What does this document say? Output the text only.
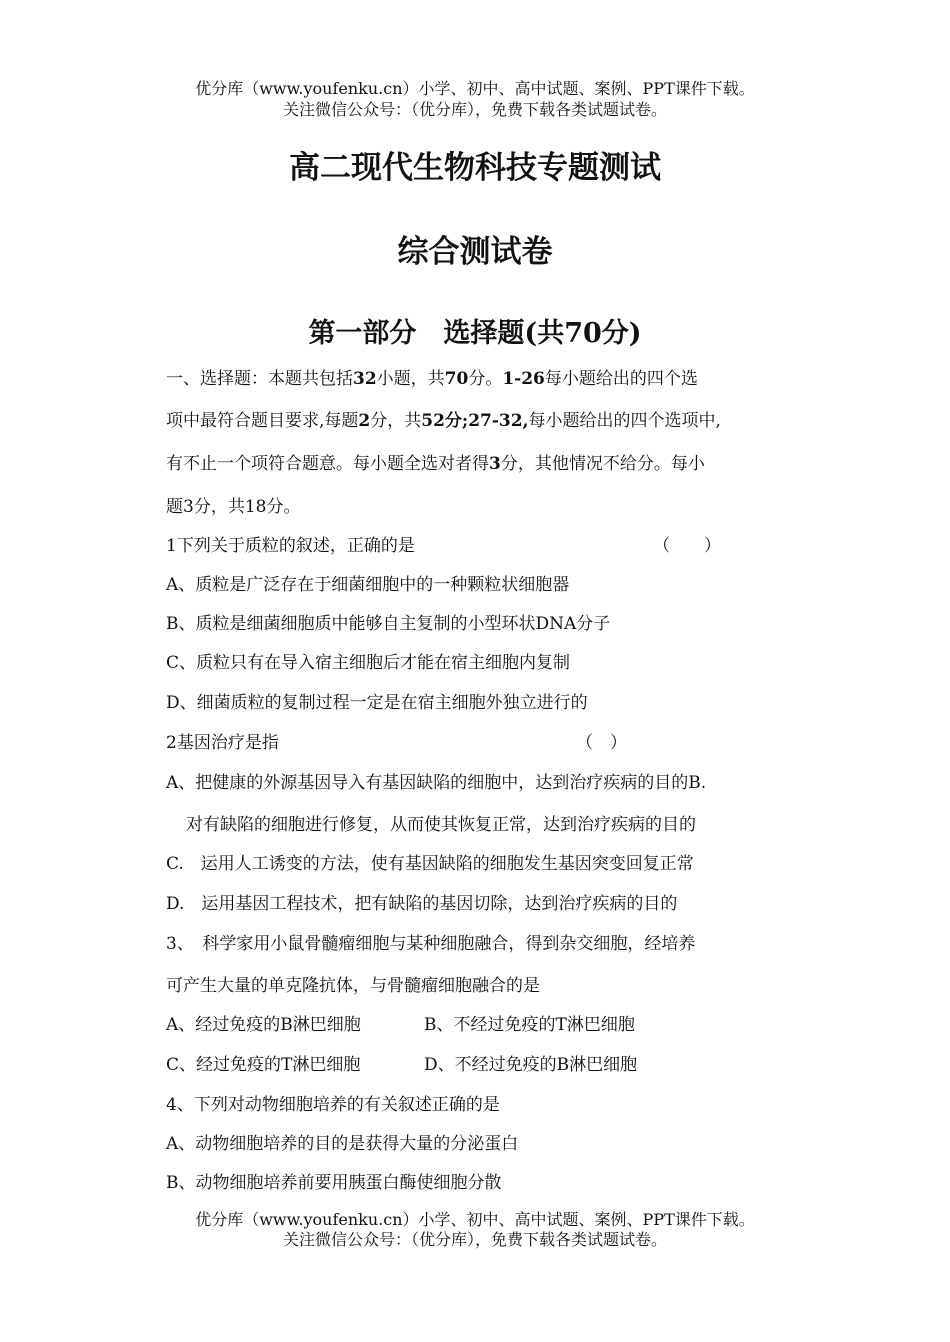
优分库（www.youfenku.cn）小学、初中、高中试题、案例、PPT课件下载。
关注微信公众号：（优分库），免费下载各类试题试卷。
高二现代生物科技专题测试
综合测试卷
第一部分　选择题(共70分)
一、选择题：本题共包括32小题，共70分。1-26每小题给出的四个选
项中最符合题目要求,每题2分，共52分;27-32,每小题给出的四个选项中,
有不止一个项符合题意。每小题全选对者得3分，其他情况不给分。每小
题3分，共18分。
1下列关于质粒的叙述，正确的是	（　　）
A、质粒是广泛存在于细菌细胞中的一种颗粒状细胞器
B、质粒是细菌细胞质中能够自主复制的小型环状DNA分子
C、质粒只有在导入宿主细胞后才能在宿主细胞内复制
D、细菌质粒的复制过程一定是在宿主细胞外独立进行的
2基因治疗是指	（　）
A、把健康的外源基因导入有基因缺陷的细胞中，达到治疗疾病的目的B.
对有缺陷的细胞进行修复，从而使其恢复正常，达到治疗疾病的目的
C.　运用人工诱变的方法，使有基因缺陷的细胞发生基因突变回复正常
D.　运用基因工程技术，把有缺陷的基因切除，达到治疗疾病的目的
3、　科学家用小鼠骨髓瘤细胞与某种细胞融合，得到杂交细胞，经培养
可产生大量的单克隆抗体，与骨髓瘤细胞融合的是
A、经过免疫的B淋巴细胞	B、不经过免疫的T淋巴细胞
C、经过免疫的T淋巴细胞	D、不经过免疫的B淋巴细胞
4、下列对动物细胞培养的有关叙述正确的是
A、动物细胞培养的目的是获得大量的分泌蛋白
B、动物细胞培养前要用胰蛋白酶使细胞分散
优分库（www.youfenku.cn）小学、初中、高中试题、案例、PPT课件下载。
关注微信公众号：（优分库），免费下载各类试题试卷。
